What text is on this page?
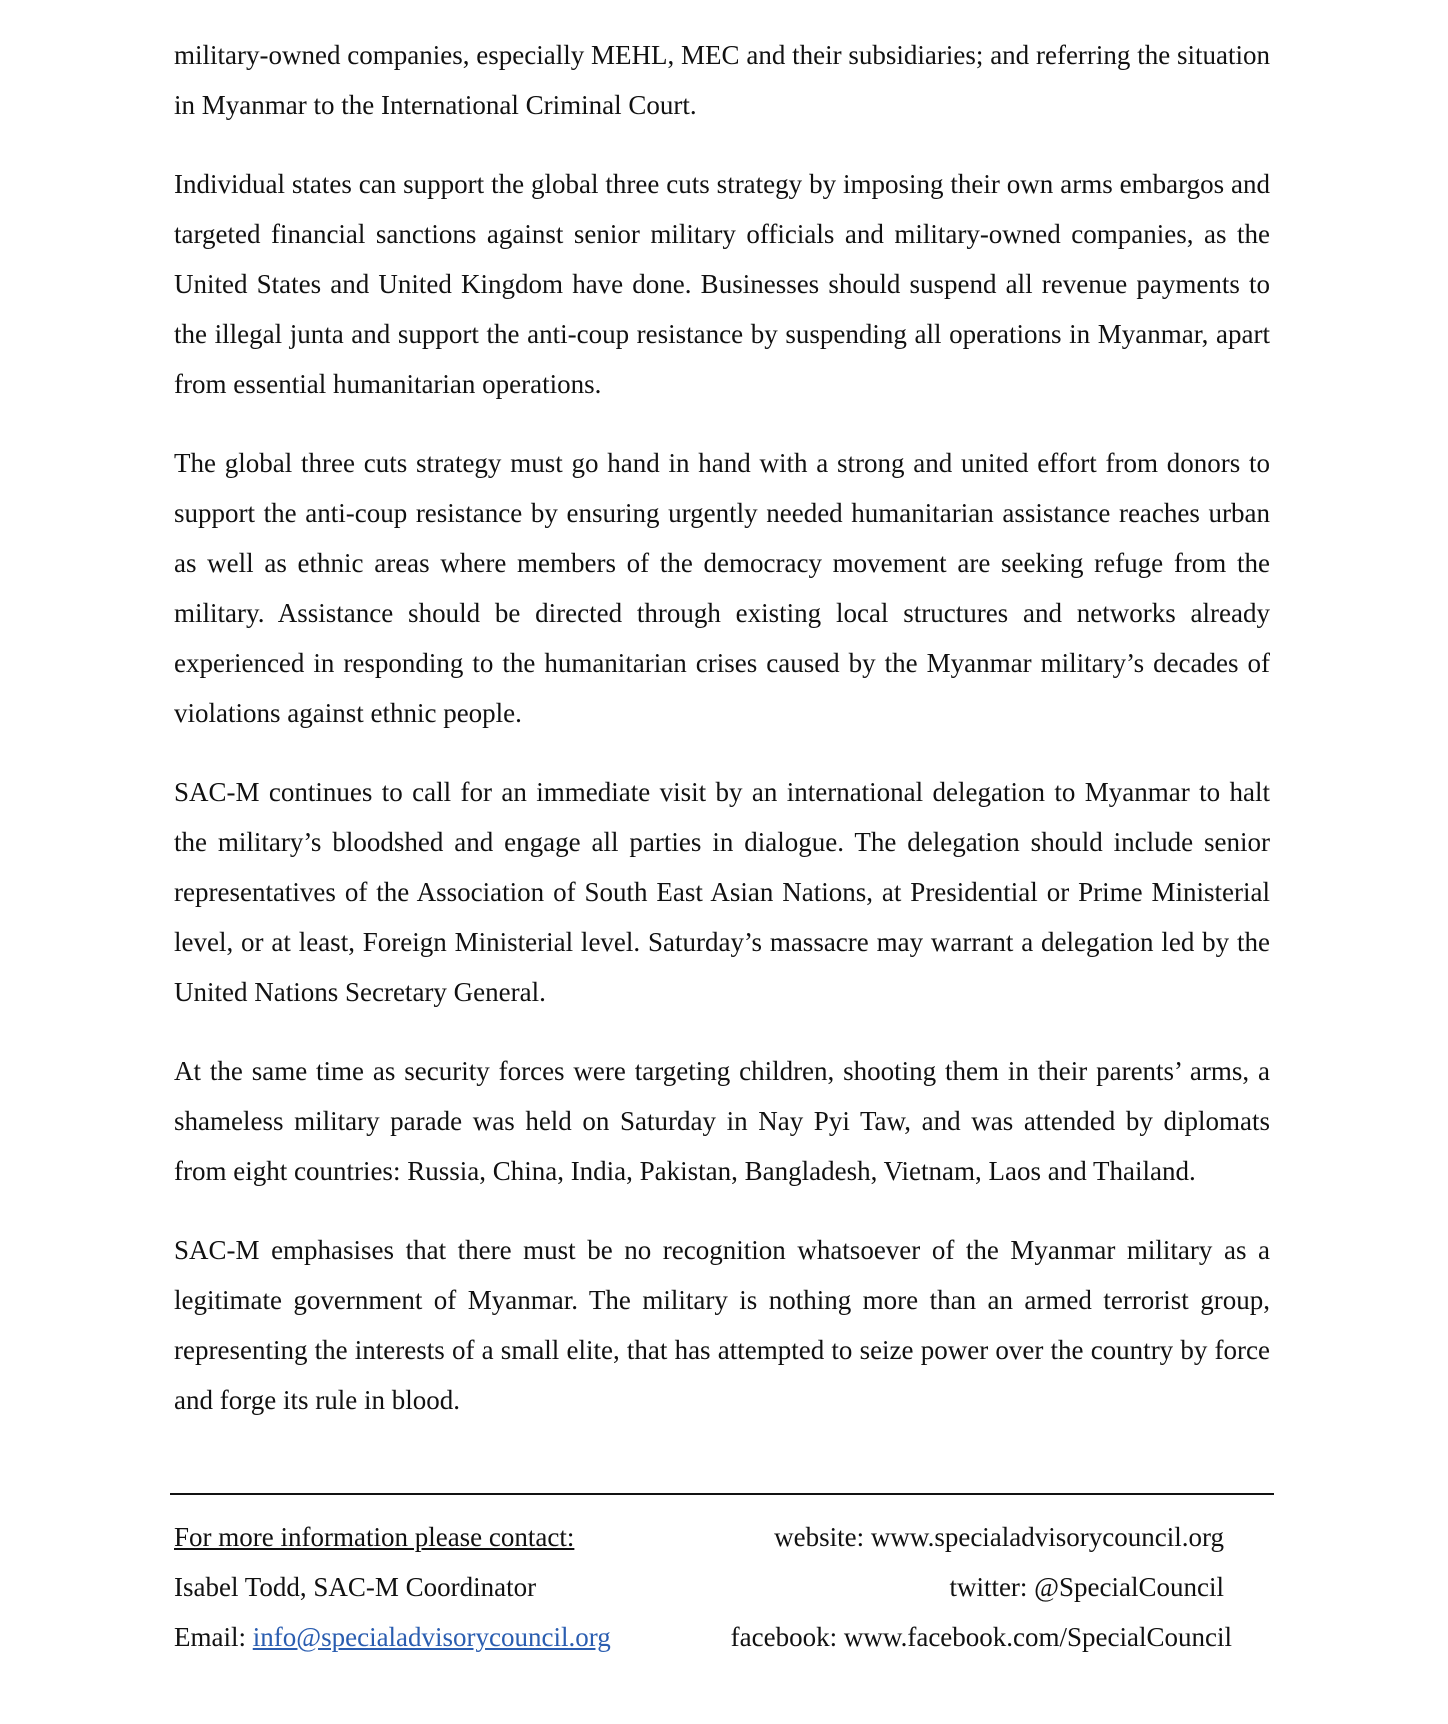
military-owned companies, especially MEHL, MEC and their subsidiaries; and referring the situation in Myanmar to the International Criminal Court.

Individual states can support the global three cuts strategy by imposing their own arms embargos and targeted financial sanctions against senior military officials and military-owned companies, as the United States and United Kingdom have done. Businesses should suspend all revenue payments to the illegal junta and support the anti-coup resistance by suspending all operations in Myanmar, apart from essential humanitarian operations.

The global three cuts strategy must go hand in hand with a strong and united effort from donors to support the anti-coup resistance by ensuring urgently needed humanitarian assistance reaches urban as well as ethnic areas where members of the democracy movement are seeking refuge from the military. Assistance should be directed through existing local structures and networks already experienced in responding to the humanitarian crises caused by the Myanmar military’s decades of violations against ethnic people.

SAC-M continues to call for an immediate visit by an international delegation to Myanmar to halt the military’s bloodshed and engage all parties in dialogue. The delegation should include senior representatives of the Association of South East Asian Nations, at Presidential or Prime Ministerial level, or at least, Foreign Ministerial level. Saturday’s massacre may warrant a delegation led by the United Nations Secretary General.

At the same time as security forces were targeting children, shooting them in their parents’ arms, a shameless military parade was held on Saturday in Nay Pyi Taw, and was attended by diplomats from eight countries: Russia, China, India, Pakistan, Bangladesh, Vietnam, Laos and Thailand.

SAC-M emphasises that there must be no recognition whatsoever of the Myanmar military as a legitimate government of Myanmar. The military is nothing more than an armed terrorist group, representing the interests of a small elite, that has attempted to seize power over the country by force and forge its rule in blood.

For more information please contact:	website: www.specialadvisorycouncil.org
Isabel Todd, SAC-M Coordinator	twitter: @SpecialCouncil
Email: info@specialadvisorycouncil.org	facebook: www.facebook.com/SpecialCouncil
